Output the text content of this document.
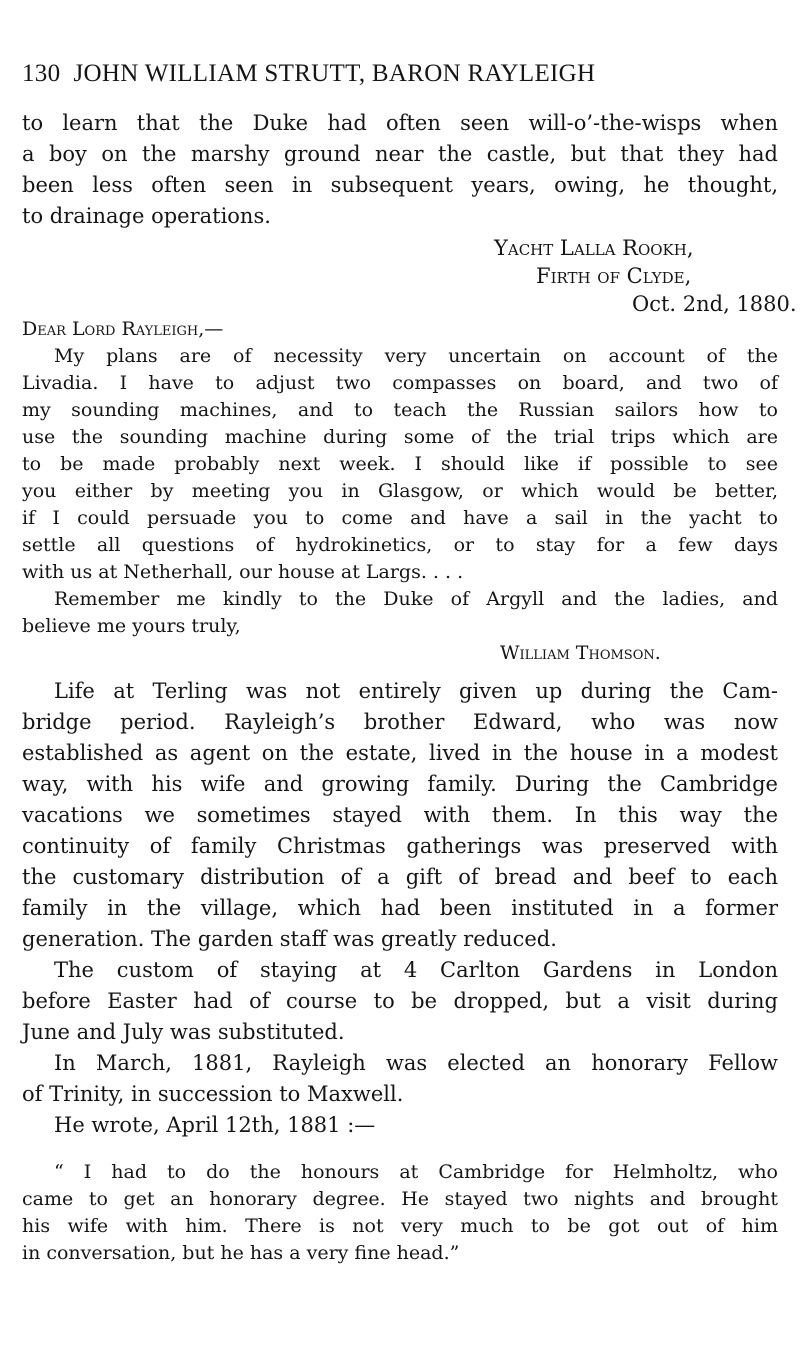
130 JOHN WILLIAM STRUTT, BARON RAYLEIGH
to learn that the Duke had often seen will-o’-the-wisps when
a boy on the marshy ground near the castle, but that they had
been less often seen in subsequent years, owing, he thought,
to drainage operations.
Yacht Lalla Rookh,
Firth of Clyde,
Oct. 2nd, 1880.
Dear Lord Rayleigh,—
My plans are of necessity very uncertain on account of the
Livadia. I have to adjust two compasses on board, and two of
my sounding machines, and to teach the Russian sailors how to
use the sounding machine during some of the trial trips which are
to be made probably next week. I should like if possible to see
you either by meeting you in Glasgow, or which would be better,
if I could persuade you to come and have a sail in the yacht to
settle all questions of hydrokinetics, or to stay for a few days
with us at Netherhall, our house at Largs. . . .
Remember me kindly to the Duke of Argyll and the ladies, and
believe me yours truly,
William Thomson.
Life at Terling was not entirely given up during the Cam-
bridge period. Rayleigh’s brother Edward, who was now
established as agent on the estate, lived in the house in a modest
way, with his wife and growing family. During the Cambridge
vacations we sometimes stayed with them. In this way the
continuity of family Christmas gatherings was preserved with
the customary distribution of a gift of bread and beef to each
family in the village, which had been instituted in a former
generation. The garden staff was greatly reduced.
The custom of staying at 4 Carlton Gardens in London
before Easter had of course to be dropped, but a visit during
June and July was substituted.
In March, 1881, Rayleigh was elected an honorary Fellow
of Trinity, in succession to Maxwell.
He wrote, April 12th, 1881 :—
“ I had to do the honours at Cambridge for Helmholtz, who
came to get an honorary degree. He stayed two nights and brought
his wife with him. There is not very much to be got out of him
in conversation, but he has a very fine head.”
